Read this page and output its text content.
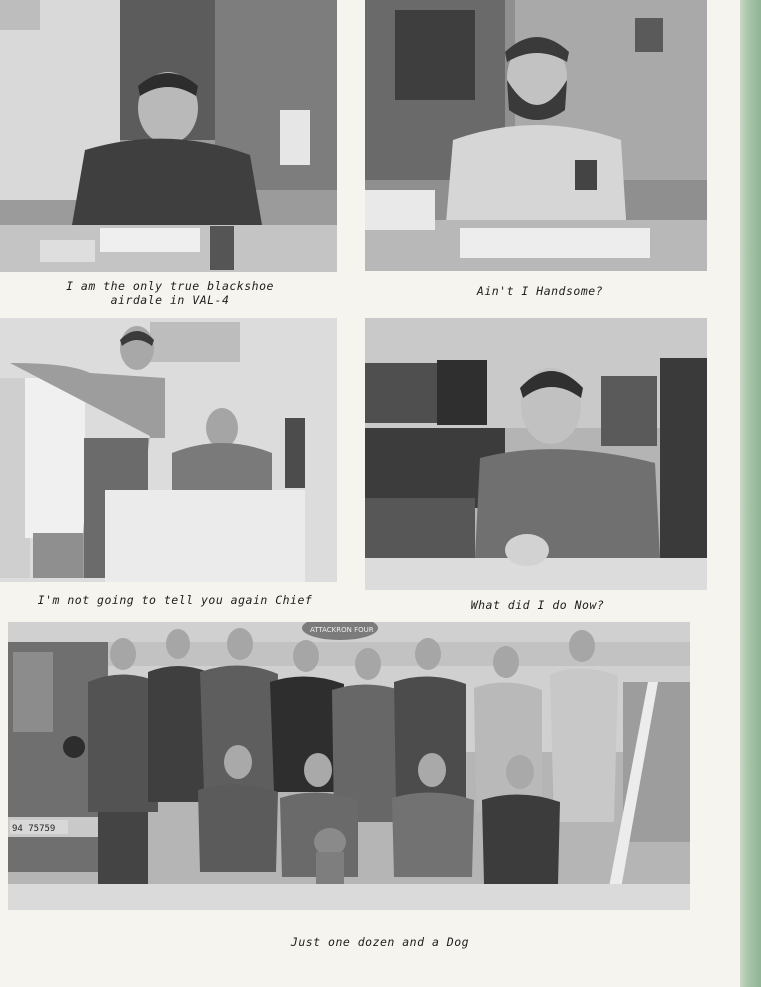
I am the only true blackshoe
airdale in VAL-4

Ain't I Handsome?

I'm not going to tell you again Chief	What did I do Now?

94 75759
ATTACKRON FOUR

Just one dozen and a Dog
